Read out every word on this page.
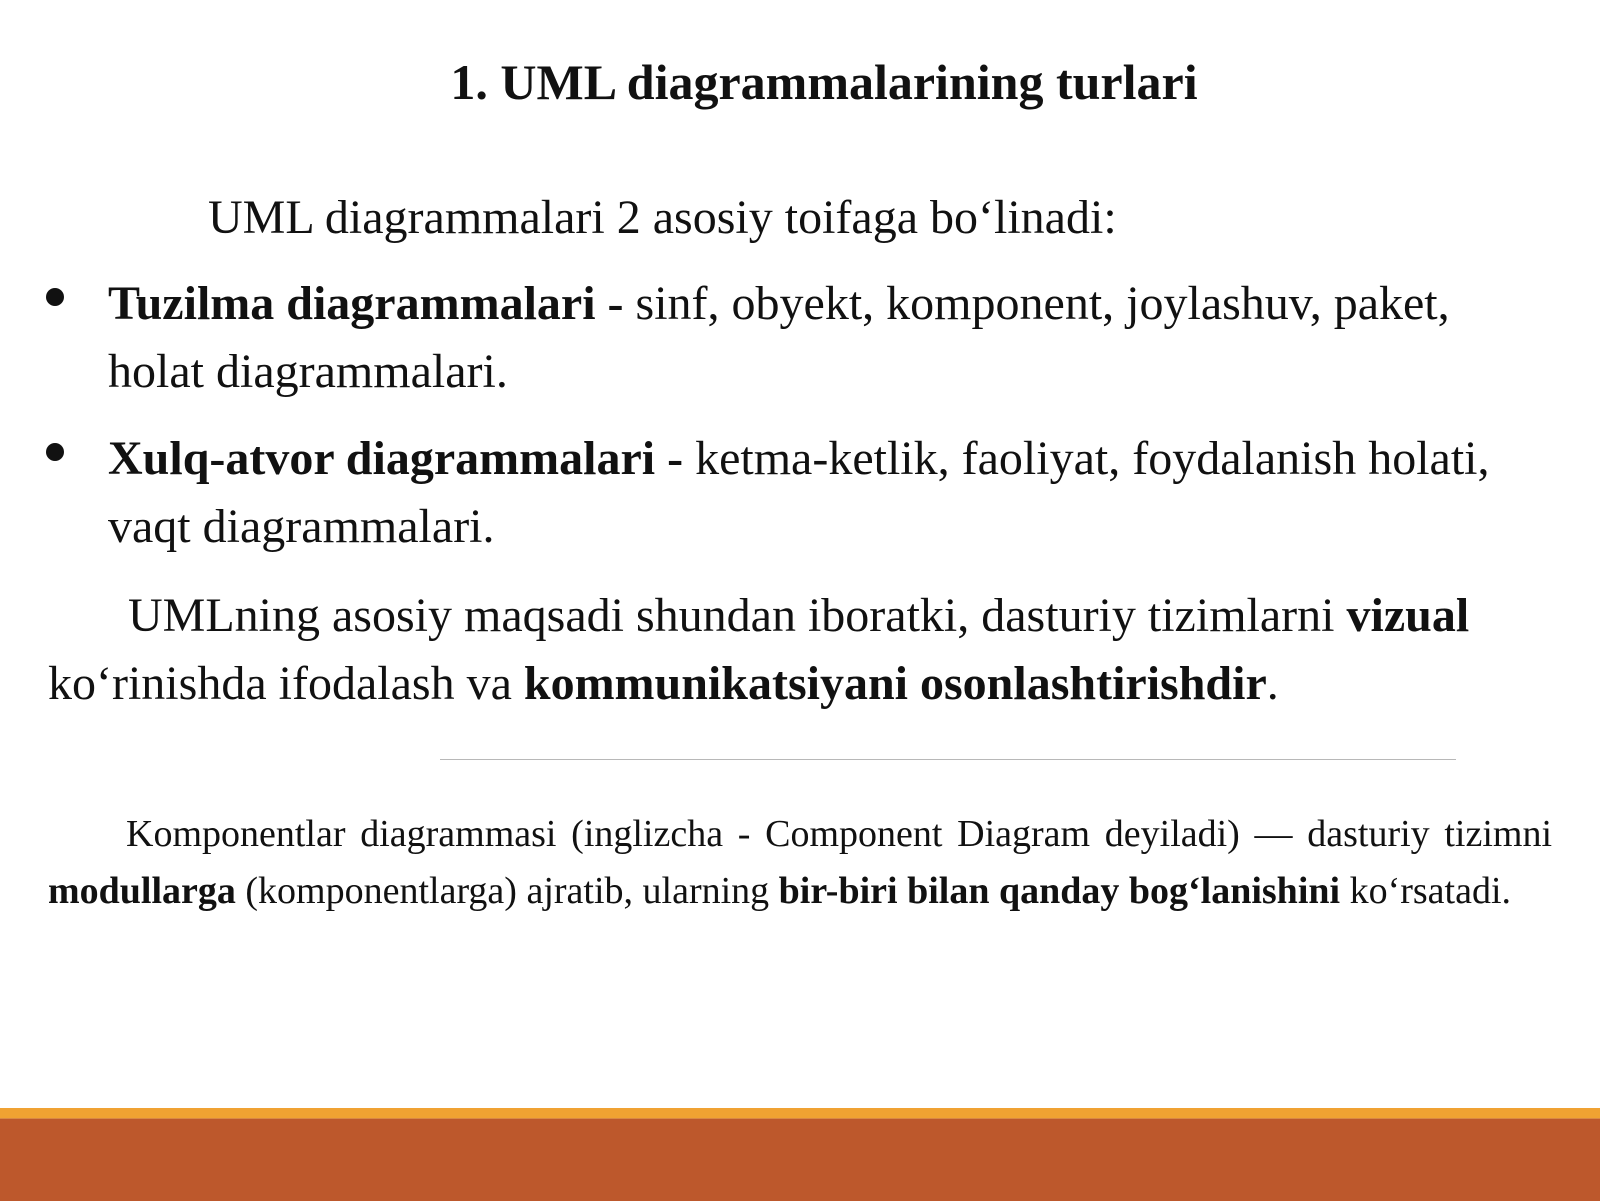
1. UML diagrammalarining turlari
UML diagrammalari 2 asosiy toifaga bo‘linadi:
Tuzilma diagrammalari - sinf, obyekt, komponent, joylashuv, paket, holat diagrammalari.
Xulq-atvor diagrammalari - ketma-ketlik, faoliyat, foydalanish holati, vaqt diagrammalari.
UMLning asosiy maqsadi shundan iboratki, dasturiy tizimlarni vizual ko‘rinishda ifodalash va kommunikatsiyani osonlashtirishdir.
Komponentlar diagrammasi (inglizcha - Component Diagram deyiladi) — dasturiy tizimni modullarga (komponentlarga) ajratib, ularning bir-biri bilan qanday bog‘lanishini ko‘rsatadi.
